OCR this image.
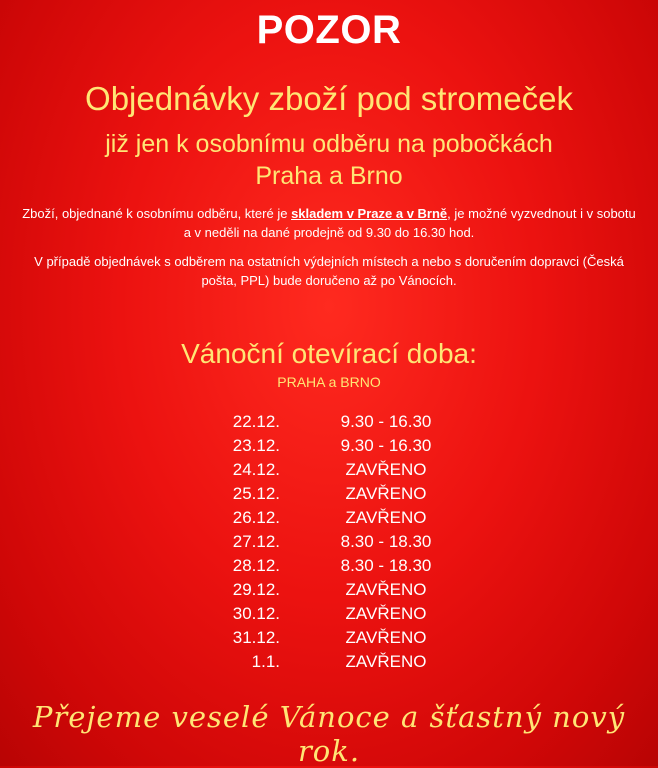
POZOR
Objednávky zboží pod stromeček
již jen k osobnímu odběru na pobočkách
Praha a Brno
Zboží, objednané k osobnímu odběru, které je skladem v Praze a v Brně, je možné vyzvednout i v sobotu a v neděli na dané prodejně od 9.30 do 16.30 hod.
V případě objednávek s odběrem na ostatních výdejních místech a nebo s doručením dopravci (Česká pošta, PPL) bude doručeno až po Vánocích.
Vánoční otevírací doba:
PRAHA a BRNO
22.12.	9.30 - 16.30
23.12.	9.30 - 16.30
24.12.	ZAVŘENO
25.12.	ZAVŘENO
26.12.	ZAVŘENO
27.12.	8.30 - 18.30
28.12.	8.30 - 18.30
29.12.	ZAVŘENO
30.12.	ZAVŘENO
31.12.	ZAVŘENO
1.1.	ZAVŘENO
Přejeme veselé Vánoce a šťastný nový rok.
